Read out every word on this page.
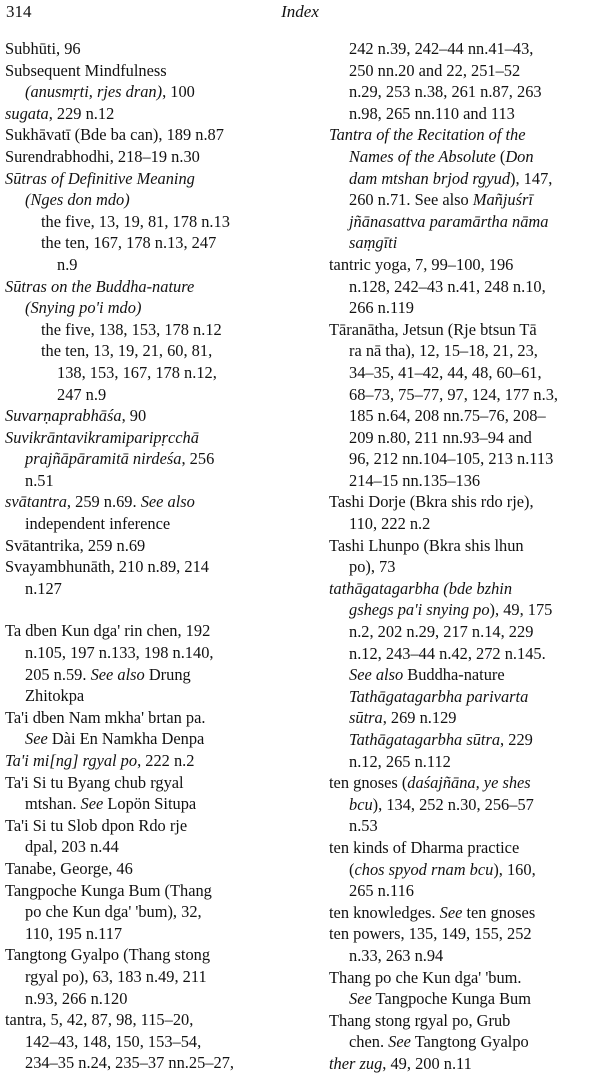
314	Index
Subhūti, 96
Subsequent Mindfulness
(anusmṛti, rjes dran), 100
sugata, 229 n.12
Sukhāvatī (Bde ba can), 189 n.87
Surendrabhodhi, 218–19 n.30
Sūtras of Definitive Meaning
(Nges don mdo)
the five, 13, 19, 81, 178 n.13
the ten, 167, 178 n.13, 247
n.9
Sūtras on the Buddha-nature
(Snying po'i mdo)
the five, 138, 153, 178 n.12
the ten, 13, 19, 21, 60, 81,
138, 153, 167, 178 n.12,
247 n.9
Suvarṇaprabhāśa, 90
Suvikrāntavikramiparipṛcchā
prajñāpāramitā nirdeśa, 256
n.51
svātantra, 259 n.69. See also
independent inference
Svātantrika, 259 n.69
Svayambhunāth, 210 n.89, 214
n.127
Ta dben Kun dga' rin chen, 192
n.105, 197 n.133, 198 n.140,
205 n.59. See also Drung
Zhitokpa
Ta'i dben Nam mkha' brtan pa.
See Dài En Namkha Denpa
Ta'i mi[ng] rgyal po, 222 n.2
Ta'i Si tu Byang chub rgyal
mtshan. See Lopön Situpa
Ta'i Si tu Slob dpon Rdo rje
dpal, 203 n.44
Tanabe, George, 46
Tangpoche Kunga Bum (Thang
po che Kun dga' 'bum), 32,
110, 195 n.117
Tangtong Gyalpo (Thang stong
rgyal po), 63, 183 n.49, 211
n.93, 266 n.120
tantra, 5, 42, 87, 98, 115–20,
142–43, 148, 150, 153–54,
234–35 n.24, 235–37 nn.25–27,
242 n.39, 242–44 nn.41–43,
250 nn.20 and 22, 251–52
n.29, 253 n.38, 261 n.87, 263
n.98, 265 nn.110 and 113
Tantra of the Recitation of the
Names of the Absolute (Don
dam mtshan brjod rgyud), 147,
260 n.71. See also Mañjuśrī
jñānasattva paramārtha nāma
saṃgīti
tantric yoga, 7, 99–100, 196
n.128, 242–43 n.41, 248 n.10,
266 n.119
Tāranātha, Jetsun (Rje btsun Tā
ra nā tha), 12, 15–18, 21, 23,
34–35, 41–42, 44, 48, 60–61,
68–73, 75–77, 97, 124, 177 n.3,
185 n.64, 208 nn.75–76, 208–
209 n.80, 211 nn.93–94 and
96, 212 nn.104–105, 213 n.113
214–15 nn.135–136
Tashi Dorje (Bkra shis rdo rje),
110, 222 n.2
Tashi Lhunpo (Bkra shis lhun
po), 73
tathāgatagarbha (bde bzhin
gshegs pa'i snying po), 49, 175
n.2, 202 n.29, 217 n.14, 229
n.12, 243–44 n.42, 272 n.145.
See also Buddha-nature
Tathāgatagarbha parivarta
sūtra, 269 n.129
Tathāgatagarbha sūtra, 229
n.12, 265 n.112
ten gnoses (daśajñāna, ye shes
bcu), 134, 252 n.30, 256–57
n.53
ten kinds of Dharma practice
(chos spyod rnam bcu), 160,
265 n.116
ten knowledges. See ten gnoses
ten powers, 135, 149, 155, 252
n.33, 263 n.94
Thang po che Kun dga' 'bum.
See Tangpoche Kunga Bum
Thang stong rgyal po, Grub
chen. See Tangtong Gyalpo
ther zug, 49, 200 n.11
